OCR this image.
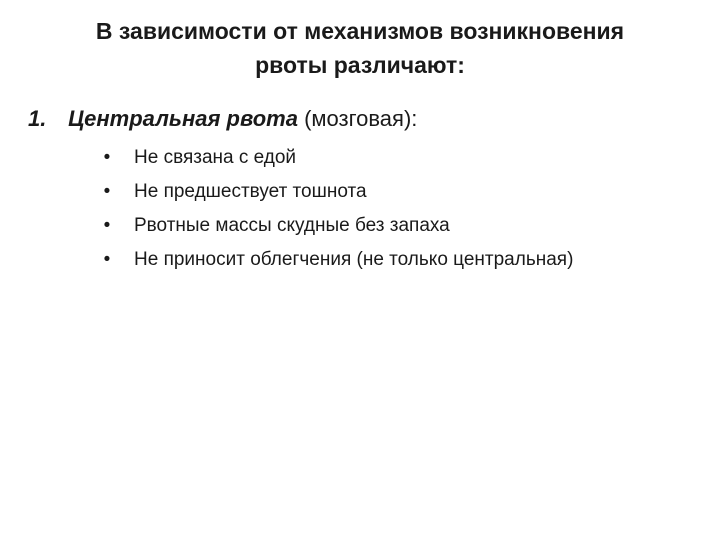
В зависимости от механизмов возникновения
рвоты различают:
1. Центральная рвота (мозговая):
• Не связана с едой
• Не предшествует тошнота
• Рвотные массы скудные без запаха
• Не приносит облегчения (не только центральная)
